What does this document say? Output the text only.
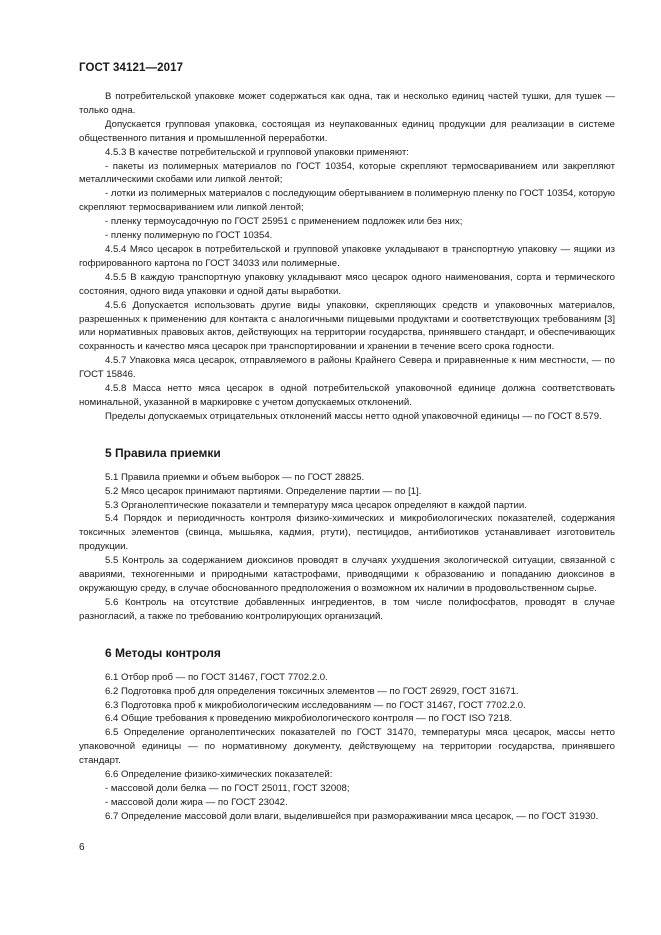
ГОСТ 34121—2017

В потребительской упаковке может содержаться как одна, так и несколько единиц частей тушки, для тушек — только одна.

Допускается групповая упаковка, состоящая из неупакованных единиц продукции для реализации в системе общественного питания и промышленной переработки.

4.5.3 В качестве потребительской и групповой упаковки применяют:

- пакеты из полимерных материалов по ГОСТ 10354, которые скрепляют термосвариванием или закрепляют металлическими скобами или липкой лентой;

- лотки из полимерных материалов с последующим обертыванием в полимерную пленку по ГОСТ 10354, которую скрепляют термосвариванием или липкой лентой;

- пленку термоусадочную по ГОСТ 25951 с применением подложек или без них;

- пленку полимерную по ГОСТ 10354.

4.5.4 Мясо цесарок в потребительской и групповой упаковке укладывают в транспортную упаковку — ящики из гофрированного картона по ГОСТ 34033 или полимерные.

4.5.5 В каждую транспортную упаковку укладывают мясо цесарок одного наименования, сорта и термического состояния, одного вида упаковки и одной даты выработки.

4.5.6 Допускается использовать другие виды упаковки, скрепляющих средств и упаковочных материалов, разрешенных к применению для контакта с аналогичными пищевыми продуктами и соответствующих требованиям [3] или нормативных правовых актов, действующих на территории государства, принявшего стандарт, и обеспечивающих сохранность и качество мяса цесарок при транспортировании и хранении в течение всего срока годности.

4.5.7 Упаковка мяса цесарок, отправляемого в районы Крайнего Севера и приравненные к ним местности, — по ГОСТ 15846.

4.5.8 Масса нетто мяса цесарок в одной потребительской упаковочной единице должна соответствовать номинальной, указанной в маркировке с учетом допускаемых отклонений.

Пределы допускаемых отрицательных отклонений массы нетто одной упаковочной единицы — по ГОСТ 8.579.

5 Правила приемки

5.1 Правила приемки и объем выборок — по ГОСТ 28825.

5.2 Мясо цесарок принимают партиями. Определение партии — по [1].

5.3 Органолептические показатели и температуру мяса цесарок определяют в каждой партии.

5.4 Порядок и периодичность контроля физико-химических и микробиологических показателей, содержания токсичных элементов (свинца, мышьяка, кадмия, ртути), пестицидов, антибиотиков устанавливает изготовитель продукции.

5.5 Контроль за содержанием диоксинов проводят в случаях ухудшения экологической ситуации, связанной с авариями, техногенными и природными катастрофами, приводящими к образованию и попаданию диоксинов в окружающую среду, в случае обоснованного предположения о возможном их наличии в продовольственном сырье.

5.6 Контроль на отсутствие добавленных ингредиентов, в том числе полифосфатов, проводят в случае разногласий, а также по требованию контролирующих организаций.

6 Методы контроля

6.1 Отбор проб — по ГОСТ 31467, ГОСТ 7702.2.0.

6.2 Подготовка проб для определения токсичных элементов — по ГОСТ 26929, ГОСТ 31671.

6.3 Подготовка проб к микробиологическим исследованиям — по ГОСТ 31467, ГОСТ 7702.2.0.

6.4 Общие требования к проведению микробиологического контроля — по ГОСТ ISO 7218.

6.5 Определение органолептических показателей по ГОСТ 31470, температуры мяса цесарок, массы нетто упаковочной единицы — по нормативному документу, действующему на территории государства, принявшего стандарт.

6.6 Определение физико-химических показателей:

- массовой доли белка — по ГОСТ 25011, ГОСТ 32008;

- массовой доли жира — по ГОСТ 23042.

6.7 Определение массовой доли влаги, выделившейся при размораживании мяса цесарок, — по ГОСТ 31930.

6
